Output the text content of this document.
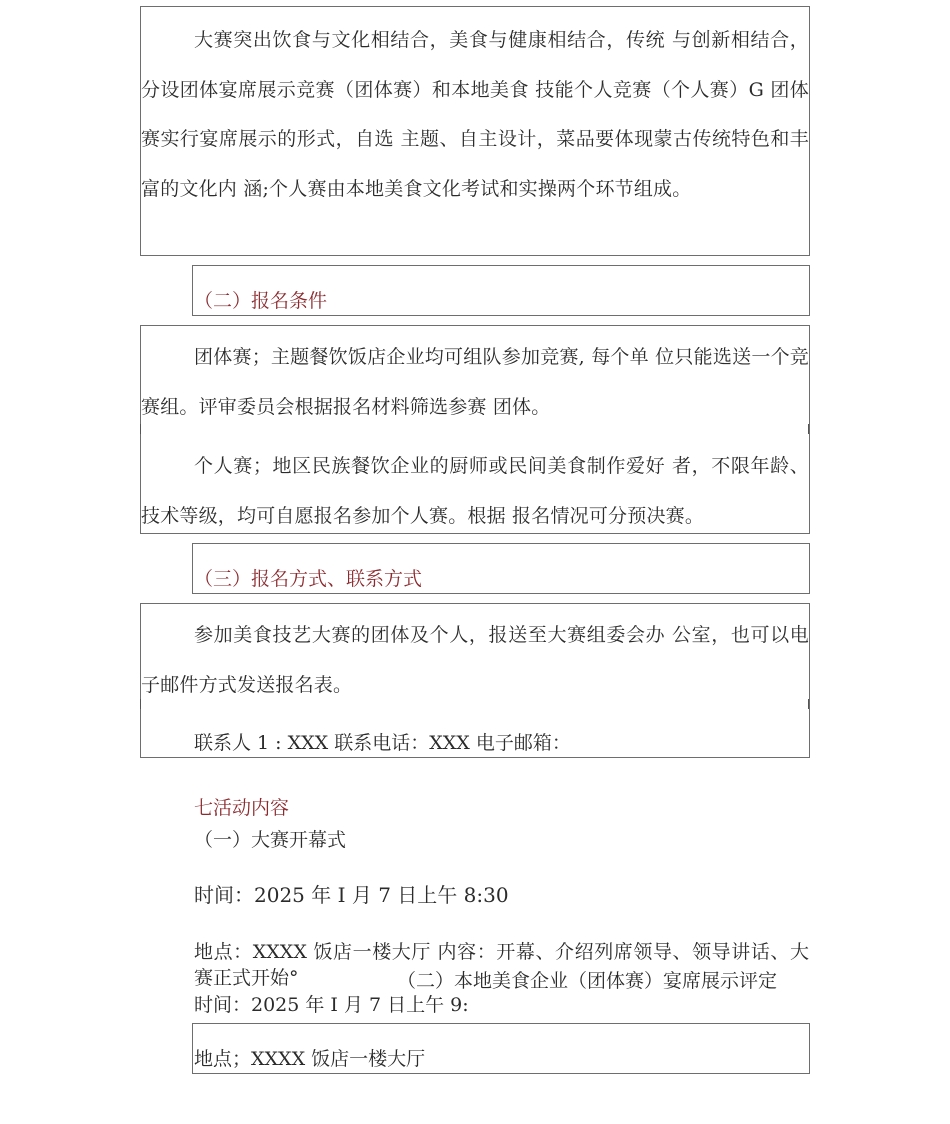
大赛突出饮食与文化相结合，美食与健康相结合，传统 与创新相结合，分设团体宴席展示竞赛（团体赛）和本地美食 技能个人竞赛（个人赛）G 团体赛实行宴席展示的形式，自选 主题、自主设计，菜品要体现蒙古传统特色和丰富的文化内 涵;个人赛由本地美食文化考试和实操两个环节组成。

（二）报名条件

团体赛；主题餐饮饭店企业均可组队参加竞赛, 每个单 位只能选送一个竞赛组。评审委员会根据报名材料筛选参赛 团体。

个人赛；地区民族餐饮企业的厨师或民间美食制作爱好 者，不限年龄、技术等级，均可自愿报名参加个人赛。根据 报名情况可分预决赛。

（三）报名方式、联系方式

参加美食技艺大赛的团体及个人，报送至大赛组委会办 公室，也可以电子邮件方式发送报名表。

联系人 1 : XXX 联系电话：XXX 电子邮箱：
七活动内容
（一）大赛开幕式
时间：2025 年 I 月 7 日上午 8:30

地点：XXXX 饭店一楼大厅 内容：开幕、介绍列席领导、领导讲话、大赛正式开始°	（二）本地美食企业（团体赛）宴席展示评定
时间：2025 年 I 月 7 日上午 9:
地点；XXXX 饭店一楼大厅
